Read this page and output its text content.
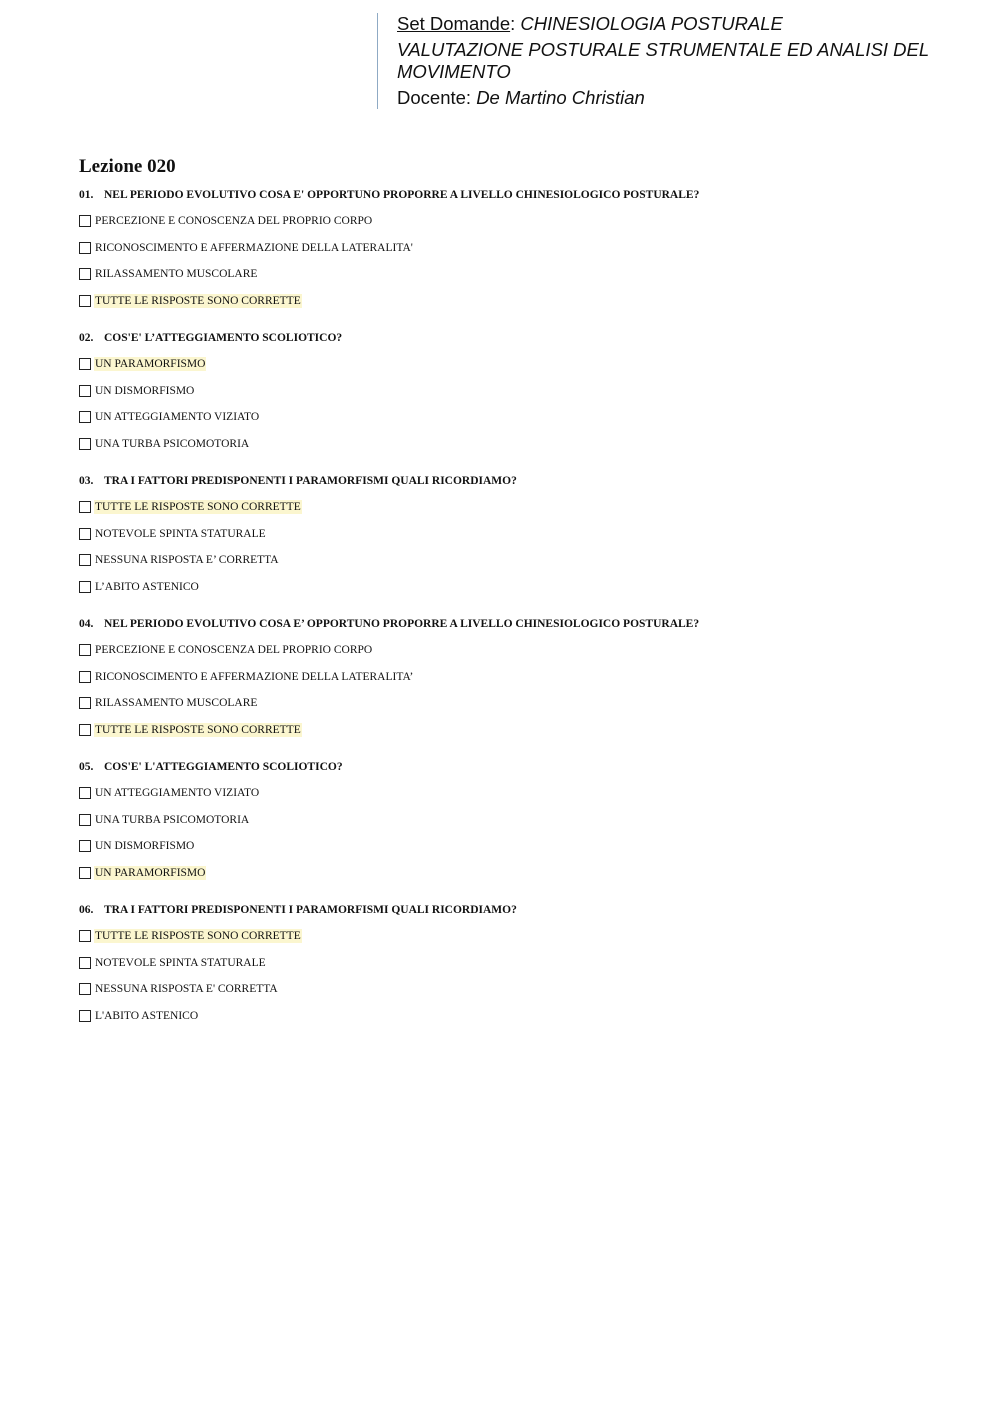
Set Domande: CHINESIOLOGIA POSTURALE
VALUTAZIONE POSTURALE STRUMENTALE ED ANALISI DEL MOVIMENTO
Docente: De Martino Christian
Lezione 020
01. NEL PERIODO EVOLUTIVO COSA E' OPPORTUNO PROPORRE A LIVELLO CHINESIOLOGICO POSTURALE?
PERCEZIONE E CONOSCENZA DEL PROPRIO CORPO
RICONOSCIMENTO E AFFERMAZIONE DELLA LATERALITA'
RILASSAMENTO MUSCOLARE
TUTTE LE RISPOSTE SONO CORRETTE
02. COS'E' L’ATTEGGIAMENTO SCOLIOTICO?
UN PARAMORFISMO
UN DISMORFISMO
UN ATTEGGIAMENTO VIZIATO
UNA TURBA PSICOMOTORIA
03. TRA I FATTORI PREDISPONENTI I PARAMORFISMI QUALI RICORDIAMO?
TUTTE LE RISPOSTE SONO CORRETTE
NOTEVOLE SPINTA STATURALE
NESSUNA RISPOSTA E’ CORRETTA
L’ABITO ASTENICO
04. NEL PERIODO EVOLUTIVO COSA E’ OPPORTUNO PROPORRE A LIVELLO CHINESIOLOGICO POSTURALE?
PERCEZIONE E CONOSCENZA DEL PROPRIO CORPO
RICONOSCIMENTO E AFFERMAZIONE DELLA LATERALITA’
RILASSAMENTO MUSCOLARE
TUTTE LE RISPOSTE SONO CORRETTE
05. COS'E' L'ATTEGGIAMENTO SCOLIOTICO?
UN ATTEGGIAMENTO VIZIATO
UNA TURBA PSICOMOTORIA
UN DISMORFISMO
UN PARAMORFISMO
06. TRA I FATTORI PREDISPONENTI I PARAMORFISMI QUALI RICORDIAMO?
TUTTE LE RISPOSTE SONO CORRETTE
NOTEVOLE SPINTA STATURALE
NESSUNA RISPOSTA E' CORRETTA
L'ABITO ASTENICO
